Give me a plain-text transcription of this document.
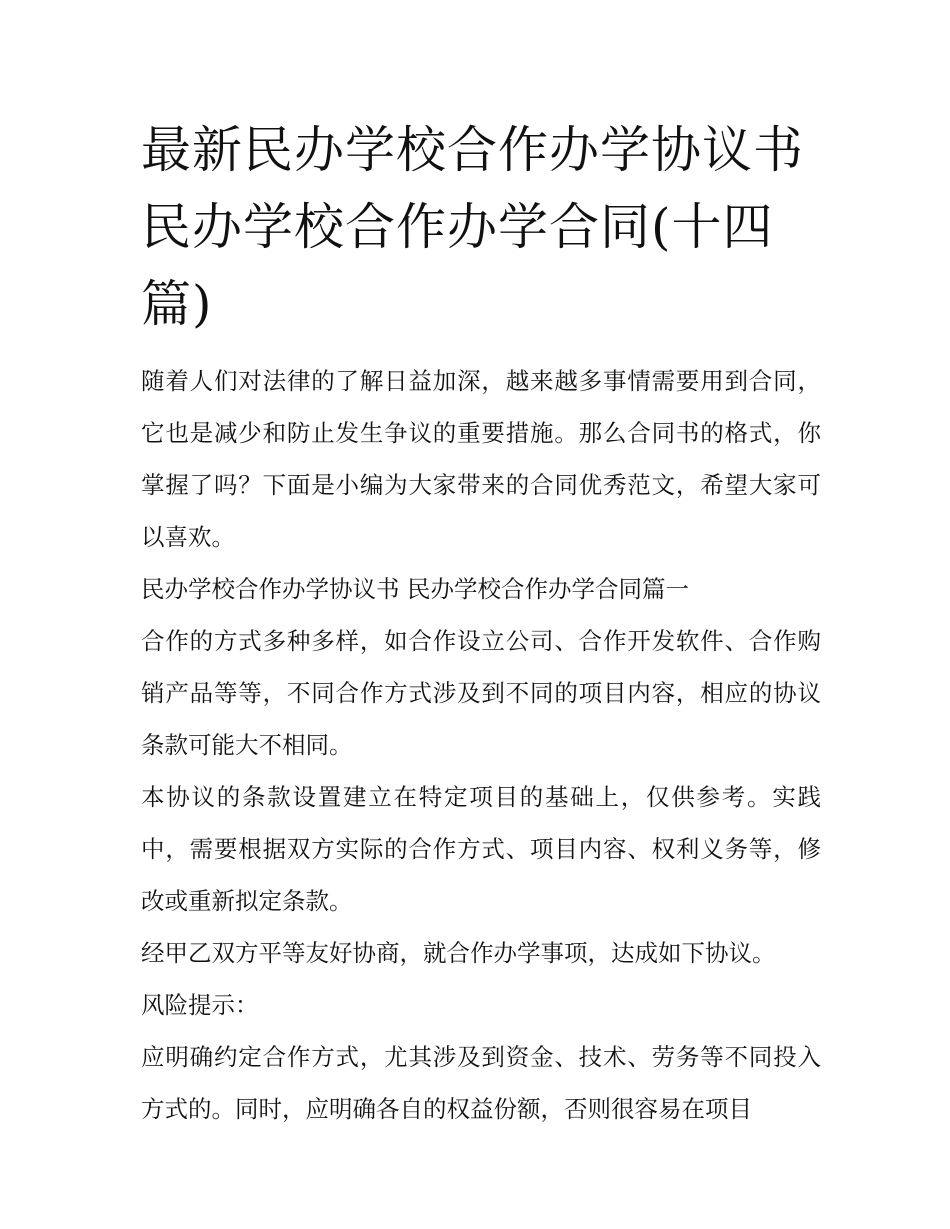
最新民办学校合作办学协议书 民办学校合作办学合同(十四篇)

随着人们对法律的了解日益加深，越来越多事情需要用到合同，它也是减少和防止发生争议的重要措施。那么合同书的格式，你掌握了吗？下面是小编为大家带来的合同优秀范文，希望大家可以喜欢。

民办学校合作办学协议书 民办学校合作办学合同篇一

合作的方式多种多样，如合作设立公司、合作开发软件、合作购销产品等等，不同合作方式涉及到不同的项目内容，相应的协议条款可能大不相同。

本协议的条款设置建立在特定项目的基础上，仅供参考。实践中，需要根据双方实际的合作方式、项目内容、权利义务等，修改或重新拟定条款。

经甲乙双方平等友好协商，就合作办学事项，达成如下协议。

风险提示：

应明确约定合作方式，尤其涉及到资金、技术、劳务等不同投入方式的。同时，应明确各自的权益份额，否则很容易在项目
